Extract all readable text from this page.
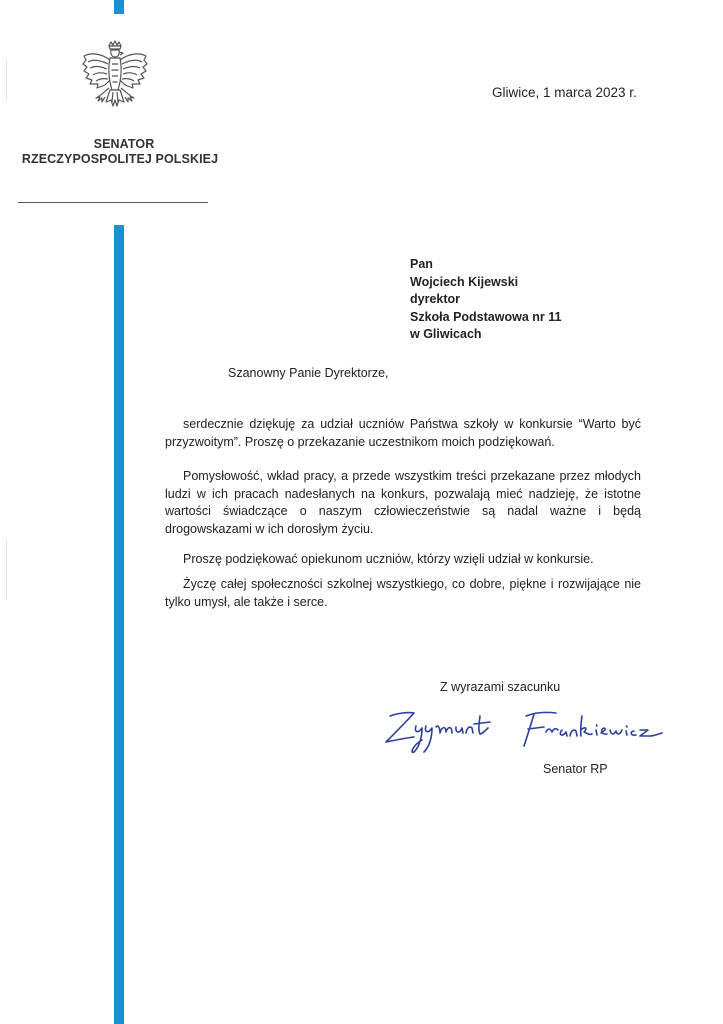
SENATOR
RZECZYPOSPOLITEJ POLSKIEJ
Gliwice, 1 marca 2023 r.
Pan
Wojciech Kijewski
dyrektor
Szkoła Podstawowa nr 11
w Gliwicach
Szanowny Panie Dyrektorze,

serdecznie dziękuję za udział uczniów Państwa szkoły w konkursie “Warto być przyzwoitym”. Proszę o przekazanie uczestnikom moich podziękowań.

Pomysłowość, wkład pracy, a przede wszystkim treści przekazane przez młodych ludzi w ich pracach nadesłanych na konkurs, pozwalają mieć nadzieję, że istotne wartości świadczące o naszym człowieczeństwie są nadal ważne i będą drogowskazami w ich dorosłym życiu.

Proszę podziękować opiekunom uczniów, którzy wzięli udział w konkursie.

Życzę całej społeczności szkolnej wszystkiego, co dobre, piękne i rozwijające nie tylko umysł, ale także i serce.

Z wyrazami szacunku
Senator RP
